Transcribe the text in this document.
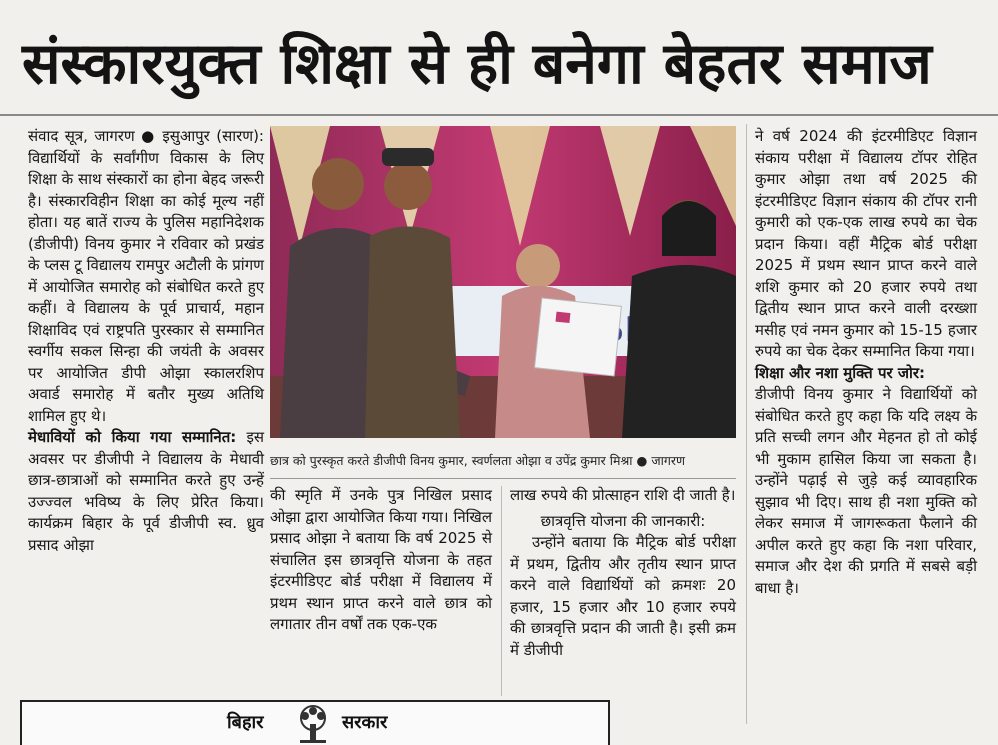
संस्कारयुक्त शिक्षा से ही बनेगा बेहतर समाज

संवाद सूत्र, जागरण ● इसुआपुर (सारण): विद्यार्थियों के सर्वांगीण विकास के लिए शिक्षा के साथ संस्कारों का होना बेहद जरूरी है। संस्कारविहीन शिक्षा का कोई मूल्य नहीं होता। यह बातें राज्य के पुलिस महानिदेशक (डीजीपी) विनय कुमार ने रविवार को प्रखंड के प्लस टू विद्यालय रामपुर अटौली के प्रांगण में आयोजित समारोह को संबोधित करते हुए कहीं। वे विद्यालय के पूर्व प्राचार्य, महान शिक्षाविद एवं राष्ट्रपति पुरस्कार से सम्मानित स्वर्गीय सकल सिन्हा की जयंती के अवसर पर आयोजित डीपी ओझा स्कालरशिप अवार्ड समारोह में बतौर मुख्य अतिथि शामिल हुए थे।

मेधावियों को किया गया सम्मानित: इस अवसर पर डीजीपी ने विद्यालय के मेधावी छात्र-छात्राओं को सम्मानित करते हुए उन्हें उज्ज्वल भविष्य के लिए प्रेरित किया। कार्यक्रम बिहार के पूर्व डीजीपी स्व. ध्रुव प्रसाद ओझा

छात्र को पुरस्कृत करते डीजीपी विनय कुमार, स्वर्णलता ओझा व उपेंद्र कुमार मिश्रा ● जागरण

की स्मृति में उनके पुत्र निखिल प्रसाद ओझा द्वारा आयोजित किया गया। निखिल प्रसाद ओझा ने बताया कि वर्ष 2025 से संचालित इस छात्रवृत्ति योजना के तहत इंटरमीडिएट बोर्ड परीक्षा में विद्यालय में प्रथम स्थान प्राप्त करने वाले छात्र को लगातार तीन वर्षों तक एक-एक

लाख रुपये की प्रोत्साहन राशि दी जाती है।

छात्रवृत्ति योजना की जानकारी:

उन्होंने बताया कि मैट्रिक बोर्ड परीक्षा में प्रथम, द्वितीय और तृतीय स्थान प्राप्त करने वाले विद्यार्थियों को क्रमशः 20 हजार, 15 हजार और 10 हजार रुपये की छात्रवृत्ति प्रदान की जाती है। इसी क्रम में डीजीपी

ने वर्ष 2024 की इंटरमीडिएट विज्ञान संकाय परीक्षा में विद्यालय टॉपर रोहित कुमार ओझा तथा वर्ष 2025 की इंटरमीडिएट विज्ञान संकाय की टॉपर रानी कुमारी को एक-एक लाख रुपये का चेक प्रदान किया। वहीं मैट्रिक बोर्ड परीक्षा 2025 में प्रथम स्थान प्राप्त करने वाले शशि कुमार को 20 हजार रुपये तथा द्वितीय स्थान प्राप्त करने वाली दरख्शा मसीह एवं नमन कुमार को 15-15 हजार रुपये का चेक देकर सम्मानित किया गया।

शिक्षा और नशा मुक्ति पर जोर:

डीजीपी विनय कुमार ने विद्यार्थियों को संबोधित करते हुए कहा कि यदि लक्ष्य के प्रति सच्ची लगन और मेहनत हो तो कोई भी मुकाम हासिल किया जा सकता है। उन्होंने पढ़ाई से जुड़े कई व्यावहारिक सुझाव भी दिए। साथ ही नशा मुक्ति को लेकर समाज में जागरूकता फैलाने की अपील करते हुए कहा कि नशा परिवार, समाज और देश की प्रगति में सबसे बड़ी बाधा है।

बिहार	सरकार
